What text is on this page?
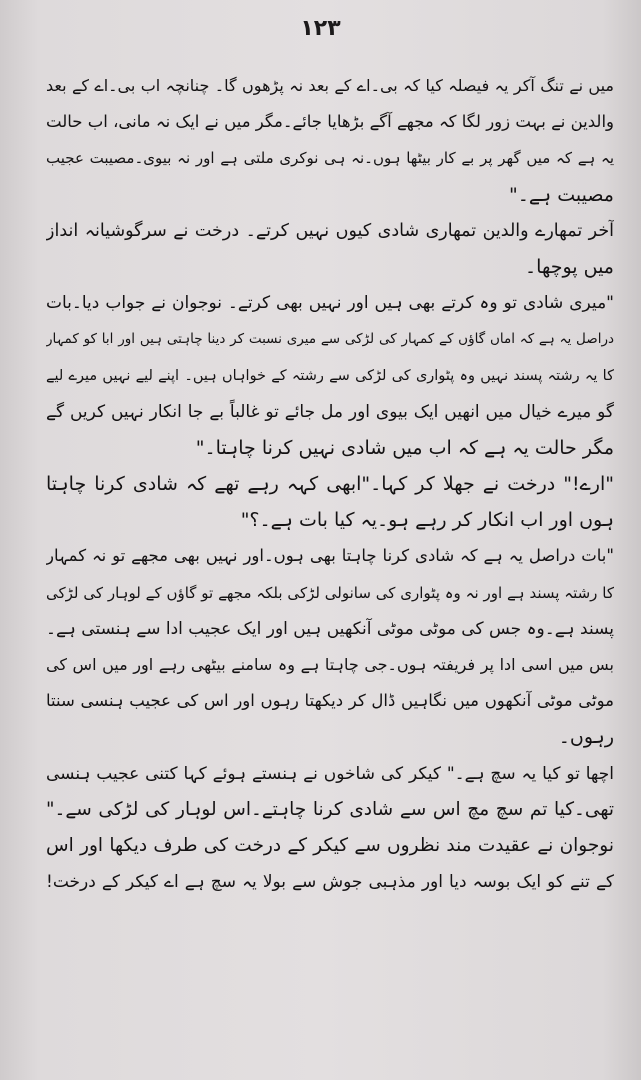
۱۲۳
میں نے تنگ آکر یہ فیصلہ کیا کہ بی۔اے کے بعد نہ پڑھوں گا۔ چنانچہ اب بی۔اے کے بعد
والدین نے بہت زور لگا کہ مجھے آگے بڑھایا جائے۔مگر میں نے ایک نہ مانی، اب حالت
یہ ہے کہ میں گھر پر بے کار بیٹھا ہوں۔نہ ہی نوکری ملتی ہے اور نہ بیوی۔مصیبت عجیب
مصیبت ہے۔"
آخر تمھارے والدین تمھاری شادی کیوں نہیں کرتے۔ درخت نے سرگوشیانہ انداز
میں پوچھا۔
"میری شادی تو وہ کرتے بھی ہیں اور نہیں بھی کرتے۔ نوجوان نے جواب دیا۔بات
دراصل یہ ہے کہ اماں گاؤں کے کمہار کی لڑکی سے میری نسبت کر دینا چاہتی ہیں اور ابا کو کمہار
کا یہ رشتہ پسند نہیں وہ پٹواری کی لڑکی سے رشتہ کے خواہاں ہیں۔ اپنے لیے نہیں میرے لیے
گو میرے خیال میں انھیں ایک بیوی اور مل جائے تو غالباً بے جا انکار نہیں کریں گے
مگر حالت یہ ہے کہ اب میں شادی نہیں کرنا چاہتا۔"
"ارے!" درخت نے جھلا کر کہا۔"ابھی کہہ رہے تھے کہ شادی کرنا چاہتا
ہوں اور اب انکار کر رہے ہو۔یہ کیا بات ہے۔؟"
"بات دراصل یہ ہے کہ شادی کرنا چاہتا بھی ہوں۔اور نہیں بھی مجھے تو نہ کمہار
کا رشتہ پسند ہے اور نہ وہ پٹواری کی سانولی لڑکی بلکہ مجھے تو گاؤں کے لوہار کی لڑکی
پسند ہے۔وہ جس کی موٹی موٹی آنکھیں ہیں اور ایک عجیب ادا سے ہنستی ہے۔
بس میں اسی ادا پر فریفتہ ہوں۔جی چاہتا ہے وہ سامنے بیٹھی رہے اور میں اس کی
موٹی موٹی آنکھوں میں نگاہیں ڈال کر دیکھتا رہوں اور اس کی عجیب ہنسی سنتا
رہوں۔
اچھا تو کیا یہ سچ ہے۔" کیکر کی شاخوں نے ہنستے ہوئے کہا کتنی عجیب ہنسی
تھی۔کیا تم سچ مچ اس سے شادی کرنا چاہتے۔اس لوہار کی لڑکی سے۔"
نوجوان نے عقیدت مند نظروں سے کیکر کے درخت کی طرف دیکھا اور اس
کے تنے کو ایک بوسہ دیا اور مذہبی جوش سے بولا یہ سچ ہے اے کیکر کے درخت!
